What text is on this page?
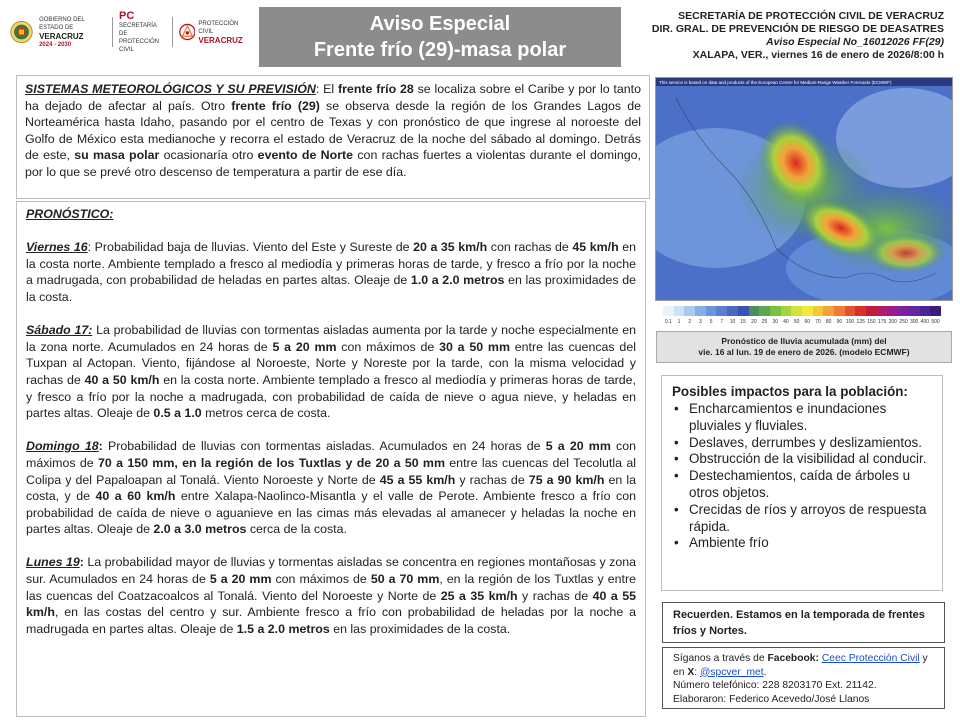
GOBIERNO DEL ESTADO DE
VERACRUZ
2024 - 2030
PC
SECRETARÍA DE
PROTECCIÓN CIVIL
PROTECCIÓN CIVIL
VERACRUZ
Aviso Especial
Frente frío (29)-masa polar
SECRETARÍA DE PROTECCIÓN CIVIL DE VERACRUZ
DIR. GRAL. DE PREVENCIÓN DE RIESGO DE DEASATRES
Aviso Especial No_16012026 FF(29)
XALAPA, VER., viernes 16 de enero de 2026/8:00 h
SISTEMAS METEOROLÓGICOS Y SU PREVISIÓN: El frente frío 28 se localiza sobre el Caribe y por lo tanto ha dejado de afectar al país. Otro frente frío (29) se observa desde la región de los Grandes Lagos de Norteamérica hasta Idaho, pasando por el centro de Texas y con pronóstico de que ingrese al noroeste del Golfo de México esta medianoche y recorra el estado de Veracruz de la noche del sábado al domingo. Detrás de este, su masa polar ocasionaría otro evento de Norte con rachas fuertes a violentas durante el domingo, por lo que se prevé otro descenso de temperatura a partir de ese día.
PRONÓSTICO:
Viernes 16: Probabilidad baja de lluvias. Viento del Este y Sureste de 20 a 35 km/h con rachas de 45 km/h en la costa norte. Ambiente templado a fresco al mediodía y primeras horas de tarde, y fresco a frío por la noche a madrugada, con probabilidad de heladas en partes altas. Oleaje de 1.0 a 2.0 metros en las proximidades de la costa.
Sábado 17: La probabilidad de lluvias con tormentas aisladas aumenta por la tarde y noche especialmente en la zona norte. Acumulados en 24 horas de 5 a 20 mm con máximos de 30 a 50 mm entre las cuencas del Tuxpan al Actopan. Viento, fijándose al Noroeste, Norte y Noreste por la tarde, con la misma velocidad y rachas de 40 a 50 km/h en la costa norte. Ambiente templado a fresco al mediodía y primeras horas de tarde, y fresco a frío por la noche a madrugada, con probabilidad de caída de nieve o agua nieve, y heladas en partes altas. Oleaje de 0.5 a 1.0 metros cerca de costa.
Domingo 18: Probabilidad de lluvias con tormentas aisladas. Acumulados en 24 horas de 5 a 20 mm con máximos de 70 a 150 mm, en la región de los Tuxtlas y de 20 a 50 mm entre las cuencas del Tecolutla al Colipa y del Papaloapan al Tonalá. Viento Noroeste y Norte de 45 a 55 km/h y rachas de 75 a 90 km/h en la costa, y de 40 a 60 km/h entre Xalapa-Naolinco-Misantla y el valle de Perote. Ambiente fresco a frío con probabilidad de caída de nieve o aguanieve en las cimas más elevadas al amanecer y heladas la noche en partes altas. Oleaje de 2.0 a 3.0 metros cerca de la costa.
Lunes 19: La probabilidad mayor de lluvias y tormentas aisladas se concentra en regiones montañosas y zona sur. Acumulados en 24 horas de 5 a 20 mm con máximos de 50 a 70 mm, en la región de los Tuxtlas y entre las cuencas del Coatzacoalcos al Tonalá. Viento del Noroeste y Norte de 25 a 35 km/h y rachas de 40 a 55 km/h, en las costas del centro y sur. Ambiente fresco a frío con probabilidad de heladas por la noche a madrugada en partes altas. Oleaje de 1.5 a 2.0 metros en las proximidades de la costa.
This service is based on data and products of the European Centre for Medium-Range Weather Forecasts (ECMWF)
0.1	1	2	3	5	7	10	15	20	25	30	40	50	60	70	80	90 100 125 150 175 200 250 300 400 500
Pronóstico de lluvia acumulada (mm) del
vie. 16 al lun. 19 de enero de 2026. (modelo ECMWF)
Posibles impactos para la población:
• Encharcamientos e inundaciones pluviales y fluviales.
• Deslaves, derrumbes y deslizamientos.
• Obstrucción de la visibilidad al conducir.
• Destechamientos, caída de árboles u otros objetos.
• Crecidas de ríos y arroyos de respuesta rápida.
• Ambiente frío
Recuerden. Estamos en la temporada de frentes fríos y Nortes.
Síganos a través de Facebook: Ceec Protección Civil y en X: @spcver_met.
Número telefónico: 228 8203170 Ext. 21142.
Elaboraron: Federico Acevedo/José Llanos
